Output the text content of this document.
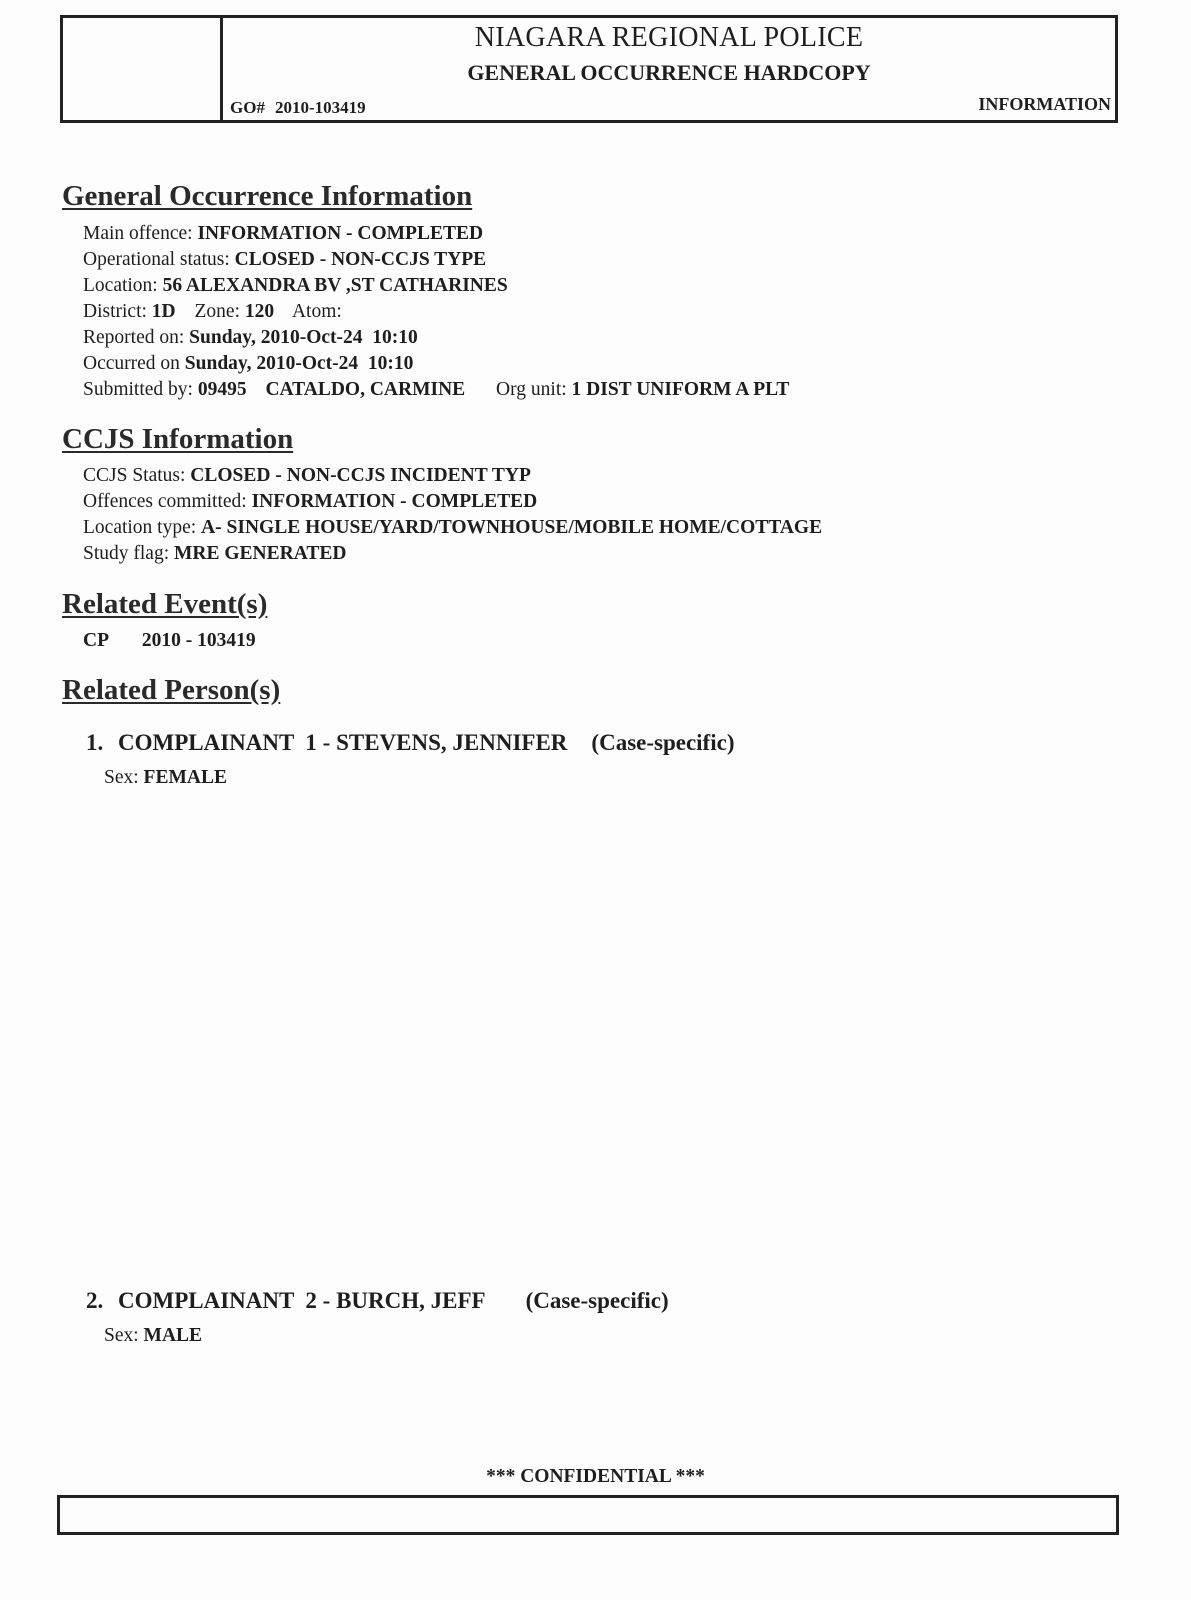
NIAGARA REGIONAL POLICE
GENERAL OCCURRENCE HARDCOPY
GO# 2010-103419	INFORMATION
General Occurrence Information
Main offence: INFORMATION - COMPLETED
Operational status: CLOSED - NON-CCJS TYPE
Location: 56 ALEXANDRA BV ,ST CATHARINES
District: 1D Zone: 120 Atom:
Reported on: Sunday, 2010-Oct-24  10:10
Occurred on Sunday, 2010-Oct-24  10:10
Submitted by: 09495 CATALDO, CARMINE Org unit: 1 DIST UNIFORM A PLT
CCJS Information
CCJS Status: CLOSED - NON-CCJS INCIDENT TYP
Offences committed: INFORMATION - COMPLETED
Location type: A- SINGLE HOUSE/YARD/TOWNHOUSE/MOBILE HOME/COTTAGE
Study flag: MRE GENERATED
Related Event(s)
CP 2010 - 103419
Related Person(s)
1. COMPLAINANT  1 - STEVENS, JENNIFER (Case-specific)
Sex: FEMALE
2. COMPLAINANT  2 - BURCH, JEFF (Case-specific)
Sex: MALE
*** CONFIDENTIAL ***
